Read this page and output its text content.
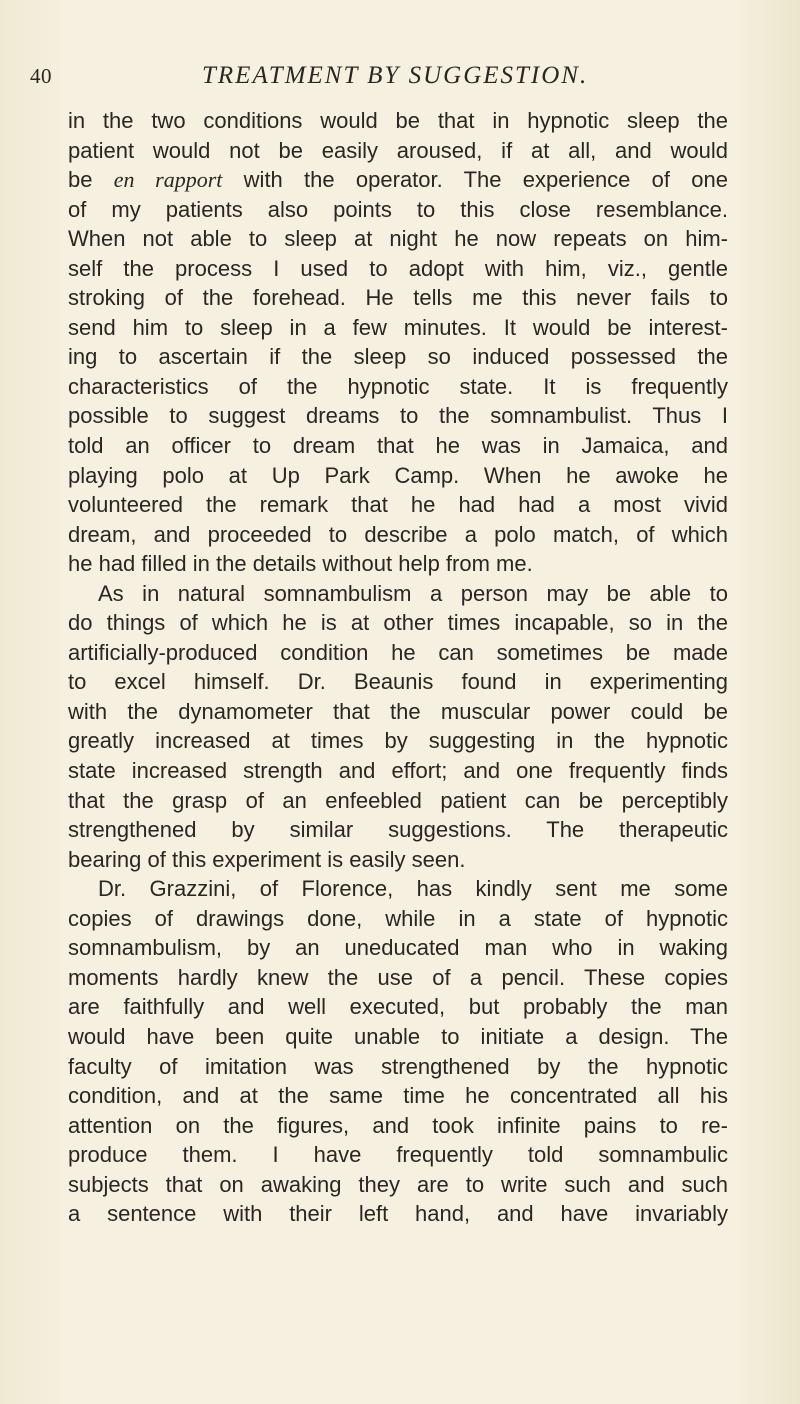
40	TREATMENT BY SUGGESTION.
in the two conditions would be that in hypnotic sleep the
patient would not be easily aroused, if at all, and would
be en rapport with the operator. The experience of one
of my patients also points to this close resemblance.
When not able to sleep at night he now repeats on him-
self the process I used to adopt with him, viz., gentle
stroking of the forehead. He tells me this never fails to
send him to sleep in a few minutes. It would be interest-
ing to ascertain if the sleep so induced possessed the
characteristics of the hypnotic state. It is frequently
possible to suggest dreams to the somnambulist. Thus I
told an officer to dream that he was in Jamaica, and
playing polo at Up Park Camp. When he awoke he
volunteered the remark that he had had a most vivid
dream, and proceeded to describe a polo match, of which
he had filled in the details without help from me.
As in natural somnambulism a person may be able to
do things of which he is at other times incapable, so in the
artificially-produced condition he can sometimes be made
to excel himself. Dr. Beaunis found in experimenting
with the dynamometer that the muscular power could be
greatly increased at times by suggesting in the hypnotic
state increased strength and effort; and one frequently finds
that the grasp of an enfeebled patient can be perceptibly
strengthened by similar suggestions. The therapeutic
bearing of this experiment is easily seen.
Dr. Grazzini, of Florence, has kindly sent me some
copies of drawings done, while in a state of hypnotic
somnambulism, by an uneducated man who in waking
moments hardly knew the use of a pencil. These copies
are faithfully and well executed, but probably the man
would have been quite unable to initiate a design. The
faculty of imitation was strengthened by the hypnotic
condition, and at the same time he concentrated all his
attention on the figures, and took infinite pains to re-
produce them. I have frequently told somnambulic
subjects that on awaking they are to write such and such
a sentence with their left hand, and have invariably
